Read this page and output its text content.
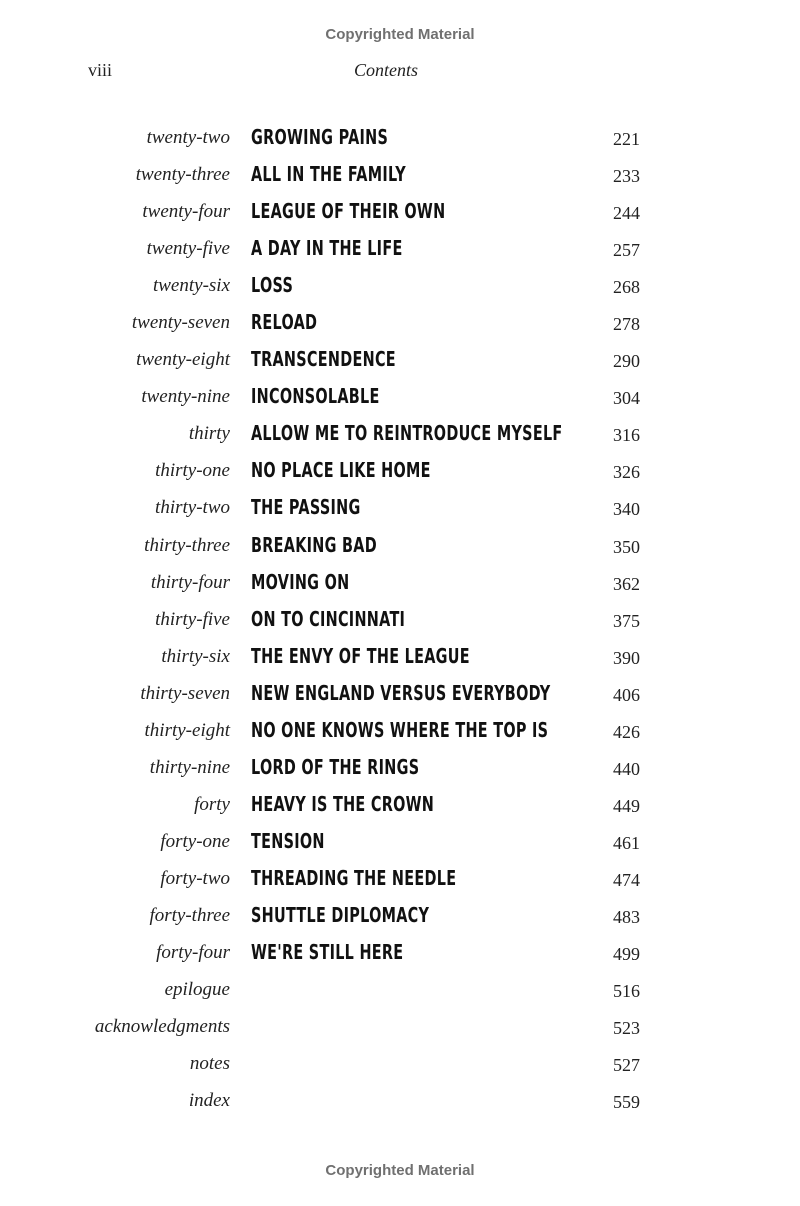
Copyrighted Material
viii	Contents
twenty-two GROWING PAINS	221
twenty-three ALL IN THE FAMILY	233
twenty-four LEAGUE OF THEIR OWN	244
twenty-five A DAY IN THE LIFE	257
twenty-six LOSS	268
twenty-seven RELOAD	278
twenty-eight TRANSCENDENCE	290
twenty-nine INCONSOLABLE	304
thirty ALLOW ME TO REINTRODUCE MYSELF	316
thirty-one NO PLACE LIKE HOME	326
thirty-two THE PASSING	340
thirty-three BREAKING BAD	350
thirty-four MOVING ON	362
thirty-five ON TO CINCINNATI	375
thirty-six THE ENVY OF THE LEAGUE	390
thirty-seven NEW ENGLAND VERSUS EVERYBODY	406
thirty-eight NO ONE KNOWS WHERE THE TOP IS	426
thirty-nine LORD OF THE RINGS	440
forty HEAVY IS THE CROWN	449
forty-one TENSION	461
forty-two THREADING THE NEEDLE	474
forty-three SHUTTLE DIPLOMACY	483
forty-four WE'RE STILL HERE	499
epilogue	516
acknowledgments	523
notes	527
index	559
Copyrighted Material
